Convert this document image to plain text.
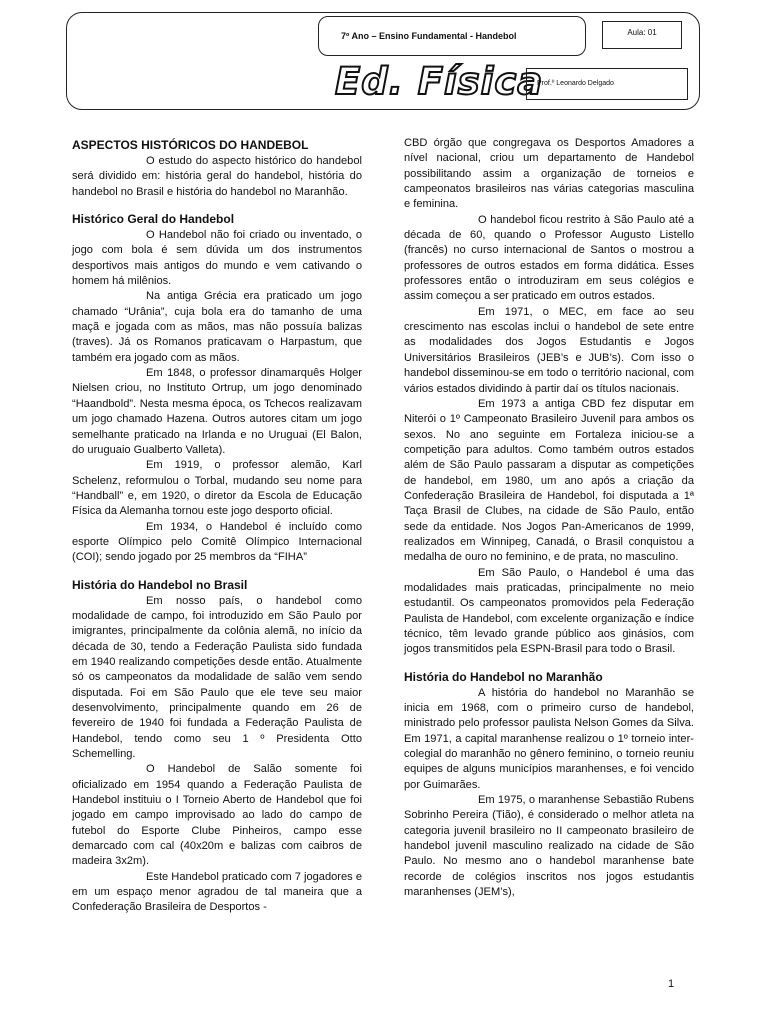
7º Ano – Ensino Fundamental - Handebol	Aula: 01
Ed. Física
Prof.º Leonardo Delgado
ASPECTOS HISTÓRICOS DO HANDEBOL

O estudo do aspecto histórico do handebol será dividido em: história geral do handebol, história do handebol no Brasil e história do handebol no Maranhão.

Histórico Geral do Handebol

O Handebol não foi criado ou inventado, o jogo com bola é sem dúvida um dos instrumentos desportivos mais antigos do mundo e vem cativando o homem há milênios.

Na antiga Grécia era praticado um jogo chamado “Urânia”, cuja bola era do tamanho de uma maçã e jogada com as mãos, mas não possuía balizas (traves). Já os Romanos praticavam o Harpastum, que também era jogado com as mãos.

Em 1848, o professor dinamarquês Holger Nielsen criou, no Instituto Ortrup, um jogo denominado “Haandbold”. Nesta mesma época, os Tchecos realizavam um jogo chamado Hazena. Outros autores citam um jogo semelhante praticado na Irlanda e no Uruguai (El Balon, do uruguaio Gualberto Valleta).

Em 1919, o professor alemão, Karl Schelenz, reformulou o Torbal, mudando seu nome para “Handball” e, em 1920, o diretor da Escola de Educação Física da Alemanha tornou este jogo desporto oficial.

Em 1934, o Handebol é incluído como esporte Olímpico pelo Comitê Olímpico Internacional (COI); sendo jogado por 25 membros da “FIHA”

História do Handebol no Brasil

Em nosso país, o handebol como modalidade de campo, foi introduzido em São Paulo por imigrantes, principalmente da colônia alemã, no início da década de 30, tendo a Federação Paulista sido fundada em 1940 realizando competições desde então. Atualmente só os campeonatos da modalidade de salão vem sendo disputada. Foi em São Paulo que ele teve seu maior desenvolvimento, principalmente quando em 26 de fevereiro de 1940 foi fundada a Federação Paulista de Handebol, tendo como seu 1 º Presidenta Otto Schemelling.

O Handebol de Salão somente foi oficializado em 1954 quando a Federação Paulista de Handebol instituiu o I Torneio Aberto de Handebol que foi jogado em campo improvisado ao lado do campo de futebol do Esporte Clube Pinheiros, campo esse demarcado com cal (40x20m e balizas com caibros de madeira 3x2m).

Este Handebol praticado com 7 jogadores e em um espaço menor agradou de tal maneira que a Confederação Brasileira de Desportos -

CBD órgão que congregava os Desportos Amadores a nível nacional, criou um departamento de Handebol possibilitando assim a organização de torneios e campeonatos brasileiros nas várias categorias masculina e feminina.

O handebol ficou restrito à São Paulo até a década de 60, quando o Professor Augusto Listello (francês) no curso internacional de Santos o mostrou a professores de outros estados em forma didática. Esses professores então o introduziram em seus colégios e assim começou a ser praticado em outros estados.

Em 1971, o MEC, em face ao seu crescimento nas escolas inclui o handebol de sete entre as modalidades dos Jogos Estudantis e Jogos Universitários Brasileiros (JEB’s e JUB’s). Com isso o handebol disseminou-se em todo o território nacional, com vários estados dividindo à partir daí os títulos nacionais.

Em 1973 a antiga CBD fez disputar em Niterói o 1º Campeonato Brasileiro Juvenil para ambos os sexos. No ano seguinte em Fortaleza iniciou-se a competição para adultos. Como também outros estados além de São Paulo passaram a disputar as competições de handebol, em 1980, um ano após a criação da Confederação Brasileira de Handebol, foi disputada a 1ª Taça Brasil de Clubes, na cidade de São Paulo, então sede da entidade. Nos Jogos Pan-Americanos de 1999, realizados em Winnipeg, Canadá, o Brasil conquistou a medalha de ouro no feminino, e de prata, no masculino.

Em São Paulo, o Handebol é uma das modalidades mais praticadas, principalmente no meio estudantil. Os campeonatos promovidos pela Federação Paulista de Handebol, com excelente organização e índice técnico, têm levado grande público aos ginásios, com jogos transmitidos pela ESPN-Brasil para todo o Brasil.

História do Handebol no Maranhão

A história do handebol no Maranhão se inicia em 1968, com o primeiro curso de handebol, ministrado pelo professor paulista Nelson Gomes da Silva. Em 1971, a capital maranhense realizou o 1º torneio inter-colegial do maranhão no gênero feminino, o torneio reuniu equipes de alguns municípios maranhenses, e foi vencido por Guimarães.

Em 1975, o maranhense Sebastião Rubens Sobrinho Pereira (Tião), é considerado o melhor atleta na categoria juvenil brasileiro no II campeonato brasileiro de handebol juvenil masculino realizado na cidade de São Paulo. No mesmo ano o handebol maranhense bate recorde de colégios inscritos nos jogos estudantis maranhenses (JEM’s),

1
